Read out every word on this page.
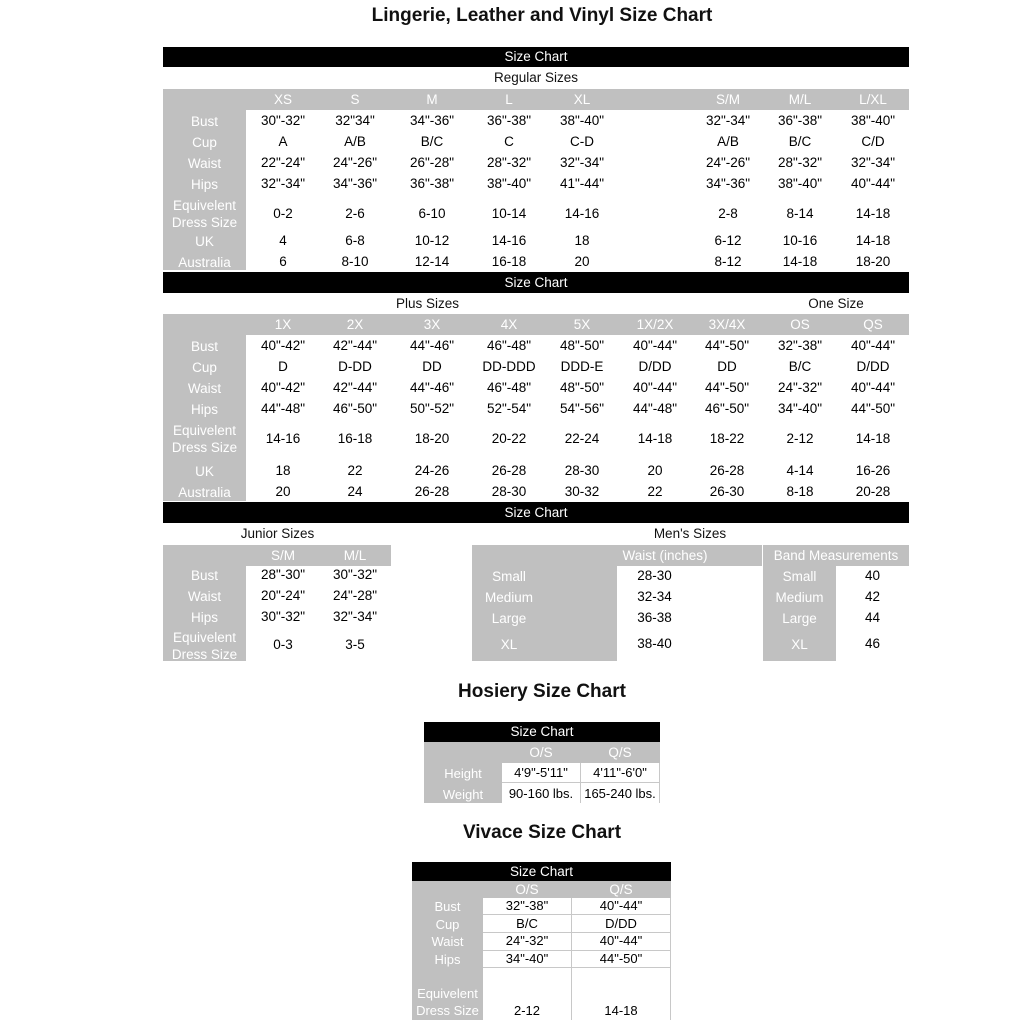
Lingerie, Leather and Vinyl Size Chart
Size Chart
Regular Sizes
XS	S	M	L	XL	S/M	M/L	L/XL
Bust	30"-32"	32"34"	34"-36"	36"-38"	38"-40"	32"-34"	36"-38"	38"-40"
Cup	A	A/B	B/C	C	C-D	A/B	B/C	C/D
Waist	22"-24"	24"-26"	26"-28"	28"-32"	32"-34"	24"-26"	28"-32"	32"-34"
Hips	32"-34"	34"-36"	36"-38"	38"-40"	41"-44"	34"-36"	38"-40"	40"-44"
Equivelent Dress Size
0-2	2-6	6-10	10-14	14-16	2-8	8-14	14-18
UK	4	6-8	10-12	14-16	18	6-12	10-16	14-18
Australia	6	8-10	12-14	16-18	20	8-12	14-18	18-20
Size Chart
Plus Sizes	One Size
1X	2X	3X	4X	5X	1X/2X	3X/4X	OS	QS
Bust	40"-42"	42"-44"	44"-46"	46"-48"	48"-50"	40"-44"	44"-50"	32"-38"	40"-44"
Cup	D	D-DD	DD	DD-DDD	DDD-E	D/DD	DD	B/C	D/DD
Waist	40"-42"	42"-44"	44"-46"	46"-48"	48"-50"	40"-44"	44"-50"	24"-32"	40"-44"
Hips	44"-48"	46"-50"	50"-52"	52"-54"	54"-56"	44"-48"	46"-50"	34"-40"	44"-50"
Equivelent Dress Size
14-16	16-18	18-20	20-22	22-24	14-18	18-22	2-12	14-18
UK	18	22	24-26	26-28	28-30	20	26-28	4-14	16-26
Australia	20	24	26-28	28-30	30-32	22	26-30	8-18	20-28
Size Chart
Junior Sizes	Men's Sizes
S/M	M/L
Bust	28"-30"	30"-32"
Waist	20"-24"	24"-28"
Hips	30"-32"	32"-34"
Equivelent Dress Size
0-3	3-5
Waist (inches)	Band Measurements
Small	28-30	Small	40
Medium	32-34	Medium	42
Large	36-38	Large	44
XL	38-40	XL	46
Hosiery Size Chart
Size Chart
O/S	Q/S
Height	4'9"-5'11"	4'11"-6'0"
Weight	90-160 lbs. 165-240 lbs.
Vivace Size Chart
Size Chart
O/S	Q/S
Bust	32"-38"	40"-44"
Cup	B/C	D/DD
Waist	24"-32"	40"-44"
Hips	34"-40"	44"-50"
Equivelent Dress Size	2-12	14-18
